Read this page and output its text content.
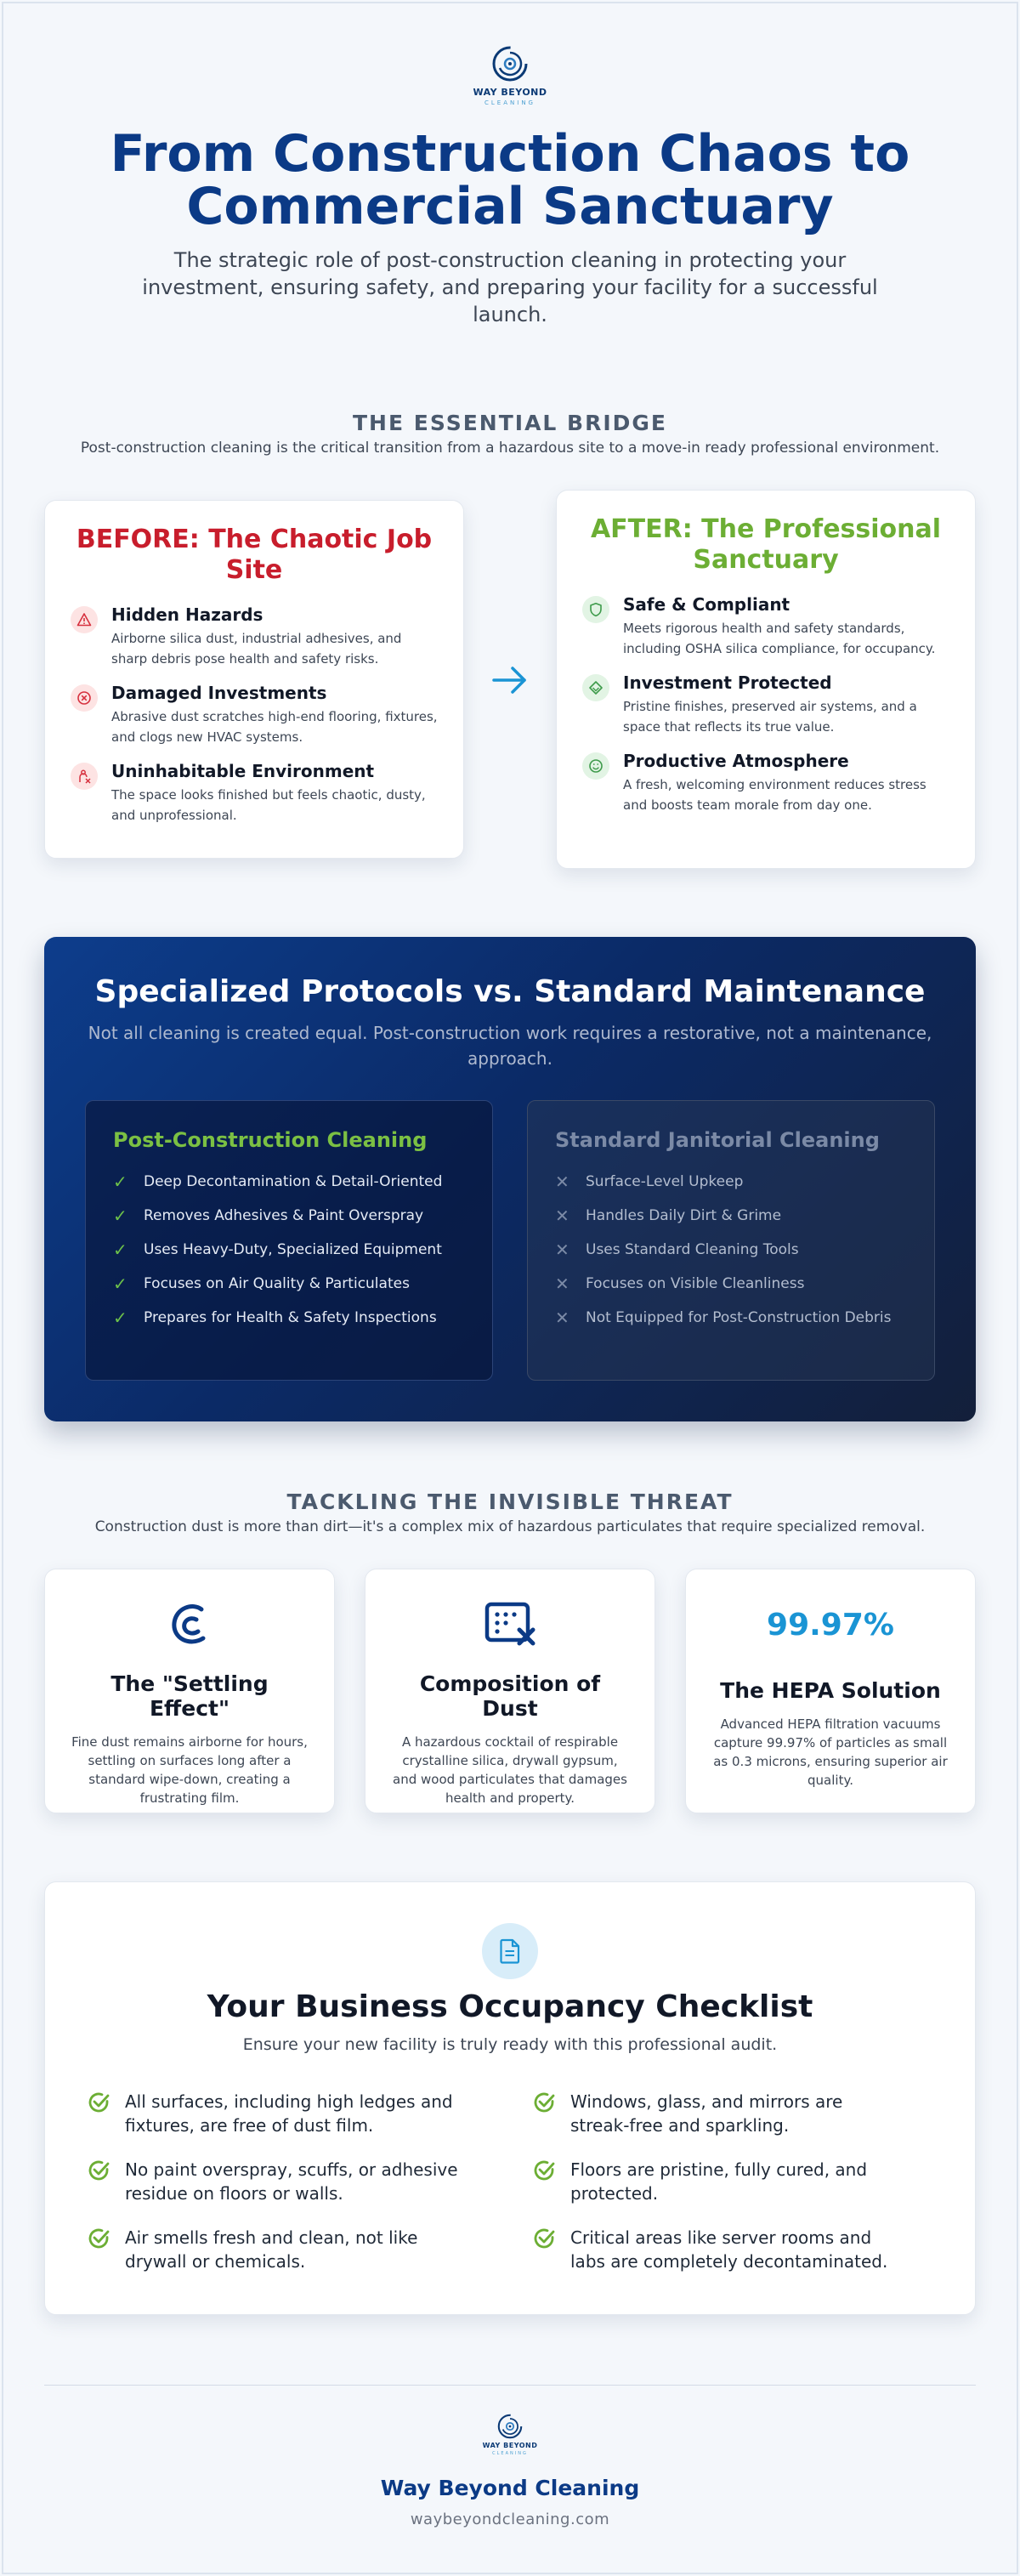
WAY BEYOND
CLEANING
From Construction Chaos to Commercial Sanctuary

The strategic role of post-construction cleaning in protecting your investment, ensuring safety, and preparing your facility for a successful launch.

THE ESSENTIAL BRIDGE
Post-construction cleaning is the critical transition from a hazardous site to a move-in ready professional environment.
BEFORE: The Chaotic Job Site
Hidden Hazards

Airborne silica dust, industrial adhesives, and sharp debris pose health and safety risks.

Damaged Investments

Abrasive dust scratches high-end flooring, fixtures, and clogs new HVAC systems.

Uninhabitable Environment

The space looks finished but feels chaotic, dusty, and unprofessional.

AFTER: The Professional Sanctuary
Safe & Compliant

Meets rigorous health and safety standards, including OSHA silica compliance, for occupancy.

Investment Protected

Pristine finishes, preserved air systems, and a space that reflects its true value.

Productive Atmosphere

A fresh, welcoming environment reduces stress and boosts team morale from day one.

Specialized Protocols vs. Standard Maintenance

Not all cleaning is created equal. Post-construction work requires a restorative, not a maintenance, approach.

Post-Construction Cleaning
✓	Deep Decontamination & Detail-Oriented
✓	Removes Adhesives & Paint Overspray
✓	Uses Heavy-Duty, Specialized Equipment
✓	Focuses on Air Quality & Particulates
✓	Prepares for Health & Safety Inspections
Standard Janitorial Cleaning
✕	Surface-Level Upkeep
✕	Handles Daily Dirt & Grime
✕	Uses Standard Cleaning Tools
✕	Focuses on Visible Cleanliness
✕	Not Equipped for Post-Construction Debris
TACKLING THE INVISIBLE THREAT
Construction dust is more than dirt—it's a complex mix of hazardous particulates that require specialized removal.
The "Settling Effect"

Fine dust remains airborne for hours, settling on surfaces long after a standard wipe-down, creating a frustrating film.

Composition of Dust

A hazardous cocktail of respirable crystalline silica, drywall gypsum, and wood particulates that damages health and property.

99.97%
The HEPA Solution

Advanced HEPA filtration vacuums capture 99.97% of particles as small as 0.3 microns, ensuring superior air quality.

Your Business Occupancy Checklist

Ensure your new facility is truly ready with this professional audit.

All surfaces, including high ledges and fixtures, are free of dust film.
Windows, glass, and mirrors are streak-free and sparkling.
No paint overspray, scuffs, or adhesive residue on floors or walls.
Floors are pristine, fully cured, and protected.
Air smells fresh and clean, not like drywall or chemicals.
Critical areas like server rooms and labs are completely decontaminated.
WAY BEYOND
CLEANING
Way Beyond Cleaning
waybeyondcleaning.com
